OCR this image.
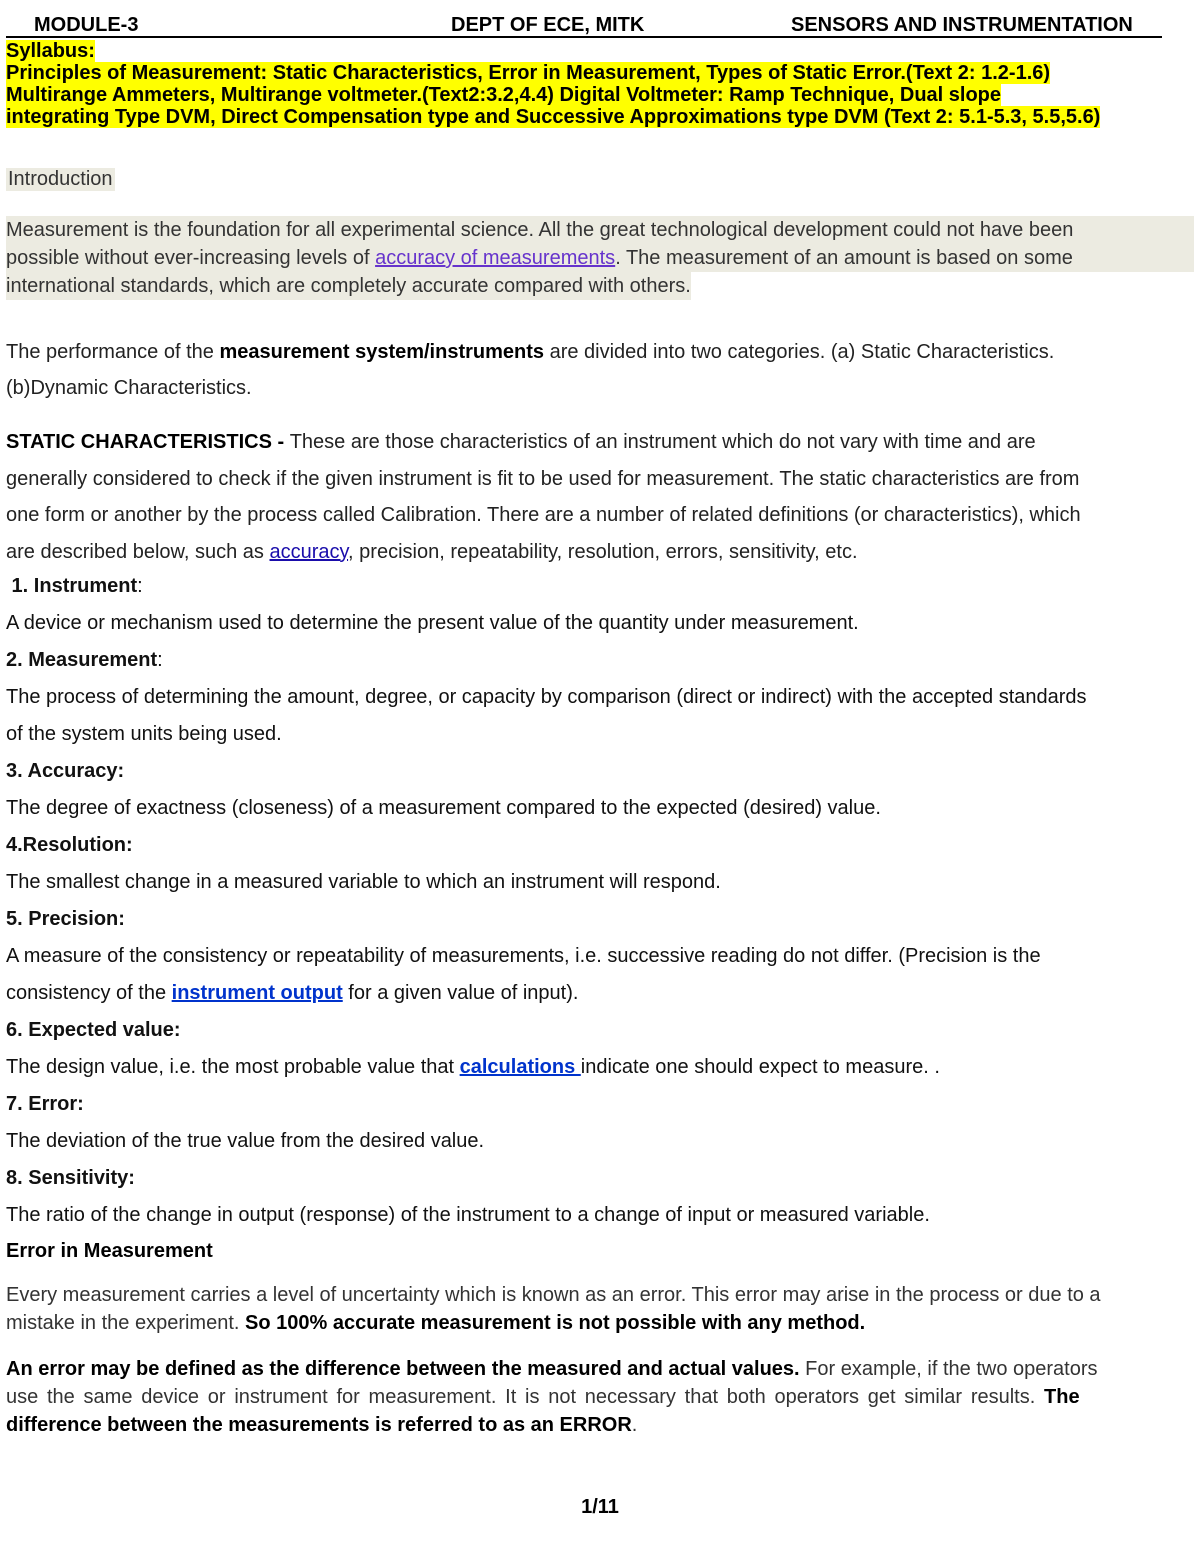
MODULE-3	DEPT OF ECE, MITK	SENSORS AND INSTRUMENTATION
Syllabus:
Principles of Measurement: Static Characteristics, Error in Measurement, Types of Static Error.(Text 2: 1.2-1.6)
Multirange Ammeters, Multirange voltmeter.(Text2:3.2,4.4) Digital Voltmeter: Ramp Technique, Dual slope
integrating Type DVM, Direct Compensation type and Successive Approximations type DVM (Text 2: 5.1-5.3, 5.5,5.6)
Introduction
Measurement is the foundation for all experimental science. All the great technological development could not have been
possible without ever-increasing levels of accuracy of measurements . The measurement of an amount is based on some
international standards, which are completely accurate compared with others.
The performance of the measurement system/instruments are divided into two categories. (a) Static Characteristics.
(b)Dynamic Characteristics.
STATIC CHARACTERISTICS - These are those characteristics of an instrument which do not vary with time and are
generally considered to check if the given instrument is fit to be used for measurement. The static characteristics are from
one form or another by the process called Calibration. There are a number of related definitions (or characteristics), which
are described below, such as accuracy, precision, repeatability, resolution, errors, sensitivity, etc.
1. Instrument:
A device or mechanism used to determine the present value of the quantity under measurement.
2. Measurement:
The process of determining the amount, degree, or capacity by comparison (direct or indirect) with the accepted standards
of the system units being used.
3. Accuracy:
The degree of exactness (closeness) of a measurement compared to the expected (desired) value.
4.Resolution:
The smallest change in a measured variable to which an instrument will respond.
5. Precision:
A measure of the consistency or repeatability of measurements, i.e. successive reading do not differ. (Precision is the
consistency of the instrument output for a given value of input).
6. Expected value:
The design value, i.e. the most probable value that calculations indicate one should expect to measure. .
7. Error:
The deviation of the true value from the desired value.
8. Sensitivity:
The ratio of the change in output (response) of the instrument to a change of input or measured variable.
Error in Measurement
Every measurement carries a level of uncertainty which is known as an error. This error may arise in the process or due to a
mistake in the experiment. So 100% accurate measurement is not possible with any method.
An error may be defined as the difference between the measured and actual values. For example, if the two operators
use the same device or instrument for measurement. It is not necessary that both operators get similar results. The
difference between the measurements is referred to as an ERROR.
1/11
